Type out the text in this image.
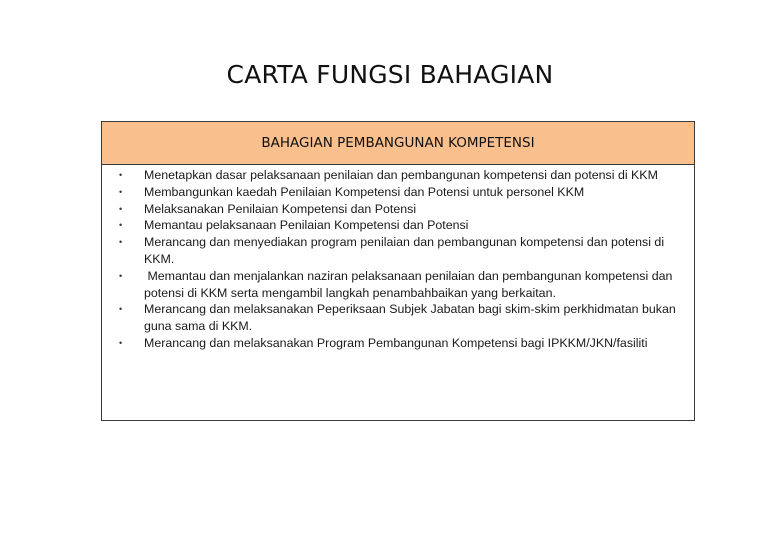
CARTA FUNGSI BAHAGIAN
BAHAGIAN PEMBANGUNAN KOMPETENSI
• Menetapkan dasar pelaksanaan penilaian dan pembangunan kompetensi dan potensi di KKM
• Membangunkan kaedah Penilaian Kompetensi dan Potensi untuk personel KKM
• Melaksanakan Penilaian Kompetensi dan Potensi
• Memantau pelaksanaan Penilaian Kompetensi dan Potensi
• Merancang dan menyediakan program penilaian dan pembangunan kompetensi dan potensi di KKM.
• Memantau dan menjalankan naziran pelaksanaan penilaian dan pembangunan kompetensi dan potensi di KKM serta mengambil langkah penambahbaikan yang berkaitan.
• Merancang dan melaksanakan Peperiksaan Subjek Jabatan bagi skim-skim perkhidmatan bukan guna sama di KKM.
• Merancang dan melaksanakan Program Pembangunan Kompetensi bagi IPKKM/JKN/fasiliti
